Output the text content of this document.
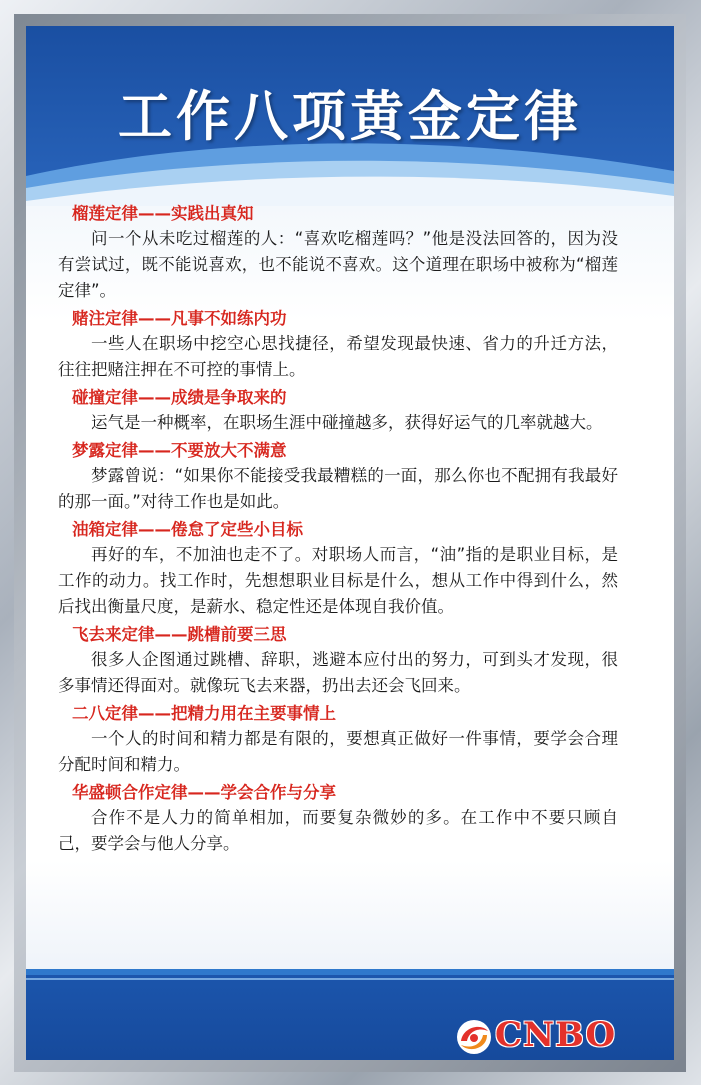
工作八项黄金定律

榴莲定律——实践出真知

问一个从未吃过榴莲的人：“喜欢吃榴莲吗？”他是没法回答的，因为没有尝试过，既不能说喜欢，也不能说不喜欢。这个道理在职场中被称为“榴莲定律”。

赌注定律——凡事不如练内功

一些人在职场中挖空心思找捷径，希望发现最快速、省力的升迁方法，往往把赌注押在不可控的事情上。

碰撞定律——成绩是争取来的

运气是一种概率，在职场生涯中碰撞越多，获得好运气的几率就越大。

梦露定律——不要放大不满意

梦露曾说：“如果你不能接受我最糟糕的一面，那么你也不配拥有我最好的那一面。”对待工作也是如此。

油箱定律——倦怠了定些小目标

再好的车，不加油也走不了。对职场人而言，“油”指的是职业目标，是工作的动力。找工作时，先想想职业目标是什么，想从工作中得到什么，然后找出衡量尺度，是薪水、稳定性还是体现自我价值。

飞去来定律——跳槽前要三思

很多人企图通过跳槽、辞职，逃避本应付出的努力，可到头才发现，很多事情还得面对。就像玩飞去来器，扔出去还会飞回来。

二八定律——把精力用在主要事情上

一个人的时间和精力都是有限的，要想真正做好一件事情，要学会合理分配时间和精力。

华盛顿合作定律——学会合作与分享

合作不是人力的简单相加，而要复杂微妙的多。在工作中不要只顾自己，要学会与他人分享。

CNBO
